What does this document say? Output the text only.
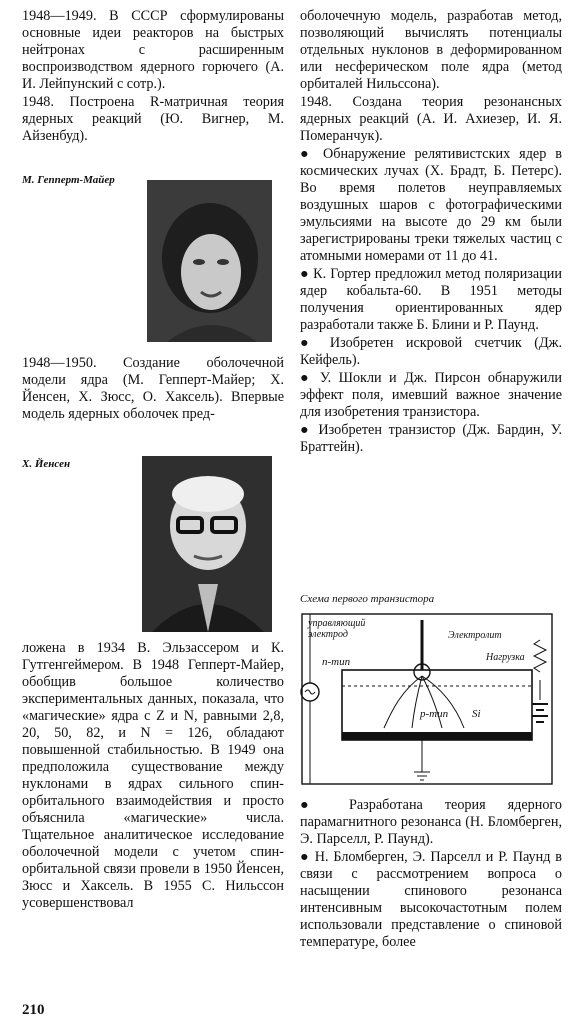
1948—1949. В СССР сформулированы основные идеи реакторов на быстрых нейтронах с расширенным воспроизводством ядерного горючего (А. И. Лейпунский с сотр.).

1948. Построена R-матричная теория ядерных реакций (Ю. Вигнер, М. Айзенбуд).

М. Гепперт-Майер

1948—1950. Создание оболочечной модели ядра (М. Гепперт-Майер; Х. Йенсен, Х. Зюсс, О. Хаксель). Впервые модель ядерных оболочек пред-

Х. Йенсен

ложена в 1934 В. Эльзассером и К. Гутгенгеймером. В 1948 Гепперт-Майер, обобщив большое количество экспериментальных данных, показала, что «магические» ядра с Z и N, равными 2,8, 20, 50, 82, и N = 126, обладают повышенной стабильностью. В 1949 она предположила существование между нуклонами в ядрах сильного спин-орбитального взаимодействия и просто объяснила «магические» числа. Тщательное аналитическое исследование оболочечной модели с учетом спин-орбитальной связи провели в 1950 Йенсен, Зюсс и Хаксель. В 1955 С. Нильссон усовершенствовал

оболочечную модель, разработав метод, позволяющий вычислять потенциалы отдельных нуклонов в деформированном или несферическом поле ядра (метод орбиталей Нильссона).

1948. Создана теория резонансных ядерных реакций (А. И. Ахиезер, И. Я. Померанчук).

● Обнаружение релятивистских ядер в космических лучах (Х. Брадт, Б. Петерс). Во время полетов неуправляемых воздушных шаров с фотографическими эмульсиями на высоте до 29 км были зарегистрированы треки тяжелых частиц с атомными номерами от 11 до 41.

● К. Гортер предложил метод поляризации ядер кобальта-60. В 1951 методы получения ориентированных ядер разработали также Б. Блини и Р. Паунд.

● Изобретен искровой счетчик (Дж. Кейфель).

● У. Шокли и Дж. Пирсон обнаружили эффект поля, имевший важное значение для изобретения транзистора.

● Изобретен транзистор (Дж. Бардин, У. Браттейн).

Схема первого транзистора
управляющий электрод	Электролит
Нагрузка
n-тип
p-тип Si

● Разработана теория ядерного парамагнитного резонанса (Н. Бломберген, Э. Парселл, Р. Паунд).

● Н. Бломберген, Э. Парселл и Р. Паунд в связи с рассмотрением вопроса о насыщении спинового резонанса интенсивным высокочастотным полем использовали представление о спиновой температуре, более

210
